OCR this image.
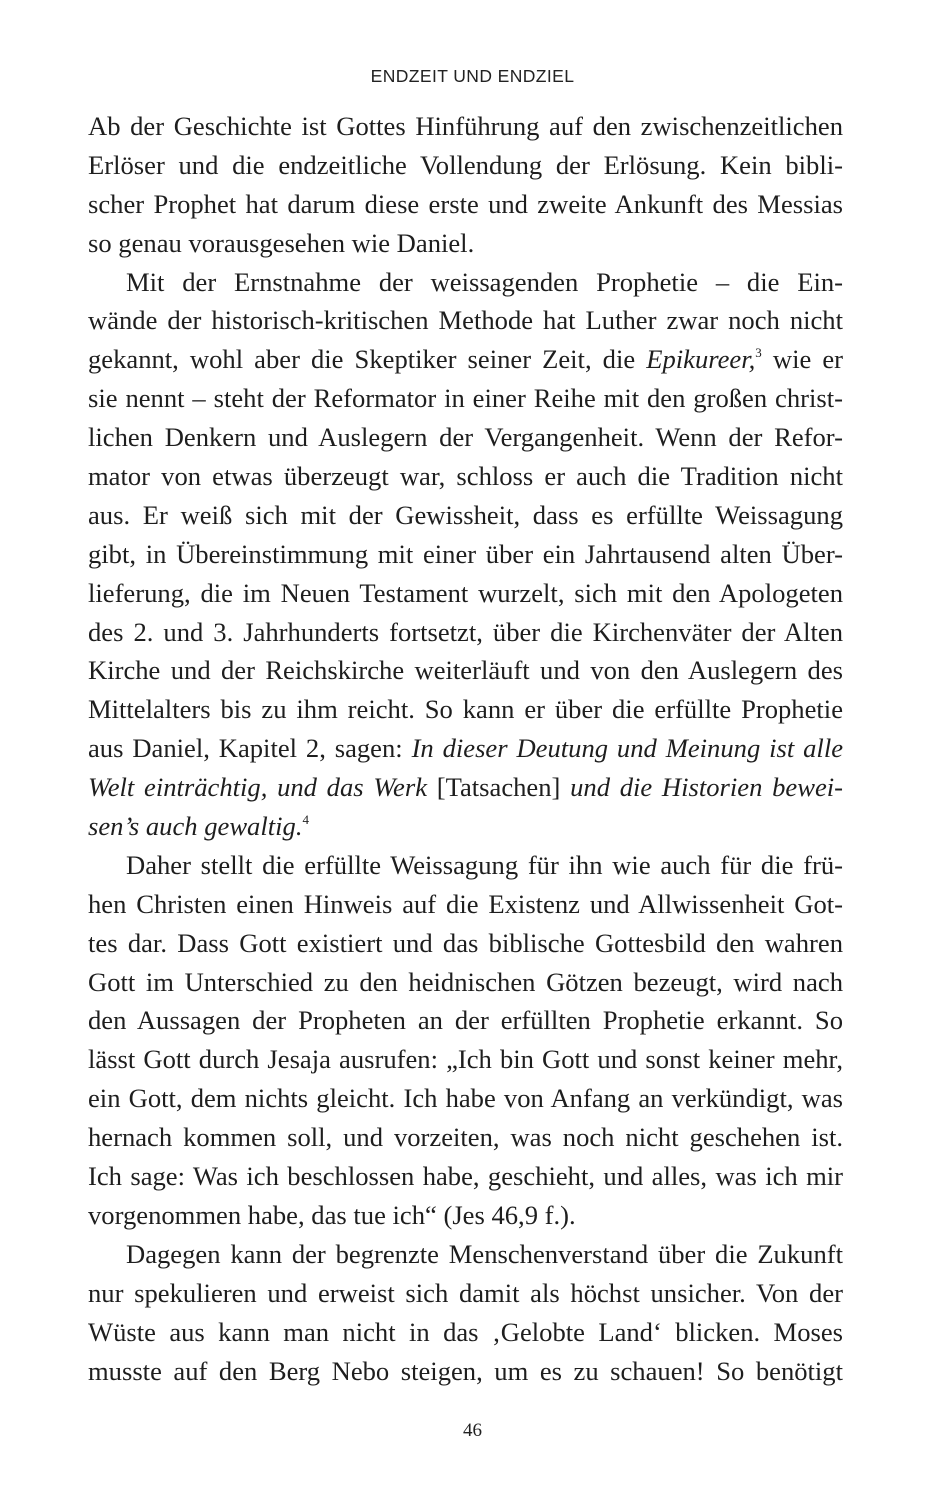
ENDZEIT UND ENDZIEL
Ab der Geschichte ist Gottes Hinführung auf den zwischenzeitlichen
Erlöser und die endzeitliche Vollendung der Erlösung. Kein bibli-
scher Prophet hat darum diese erste und zweite Ankunft des Messias
so genau vorausgesehen wie Daniel.
Mit der Ernstnahme der weissagenden Prophetie – die Ein-
wände der historisch-kritischen Methode hat Luther zwar noch nicht
gekannt, wohl aber die Skeptiker seiner Zeit, die Epikureer,$^3$ wie er
sie nennt – steht der Reformator in einer Reihe mit den großen christ-
lichen Denkern und Auslegern der Vergangenheit. Wenn der Refor-
mator von etwas überzeugt war, schloss er auch die Tradition nicht
aus. Er weiß sich mit der Gewissheit, dass es erfüllte Weissagung
gibt, in Übereinstimmung mit einer über ein Jahrtausend alten Über-
lieferung, die im Neuen Testament wurzelt, sich mit den Apologeten
des 2. und 3. Jahrhunderts fortsetzt, über die Kirchenväter der Alten
Kirche und der Reichskirche weiterläuft und von den Auslegern des
Mittelalters bis zu ihm reicht. So kann er über die erfüllte Prophetie
aus Daniel, Kapitel 2, sagen: In dieser Deutung und Meinung ist alle
Welt einträchtig, und das Werk [Tatsachen] und die Historien bewei-
sen’s auch gewaltig.$^4$
Daher stellt die erfüllte Weissagung für ihn wie auch für die frü-
hen Christen einen Hinweis auf die Existenz und Allwissenheit Got-
tes dar. Dass Gott existiert und das biblische Gottesbild den wahren
Gott im Unterschied zu den heidnischen Götzen bezeugt, wird nach
den Aussagen der Propheten an der erfüllten Prophetie erkannt. So
lässt Gott durch Jesaja ausrufen: „Ich bin Gott und sonst keiner mehr,
ein Gott, dem nichts gleicht. Ich habe von Anfang an verkündigt, was
hernach kommen soll, und vorzeiten, was noch nicht geschehen ist.
Ich sage: Was ich beschlossen habe, geschieht, und alles, was ich mir
vorgenommen habe, das tue ich“ (Jes 46,9 f.).
Dagegen kann der begrenzte Menschenverstand über die Zukunft
nur spekulieren und erweist sich damit als höchst unsicher. Von der
Wüste aus kann man nicht in das ‚Gelobte Land‘ blicken. Moses
musste auf den Berg Nebo steigen, um es zu schauen! So benötigt
46
